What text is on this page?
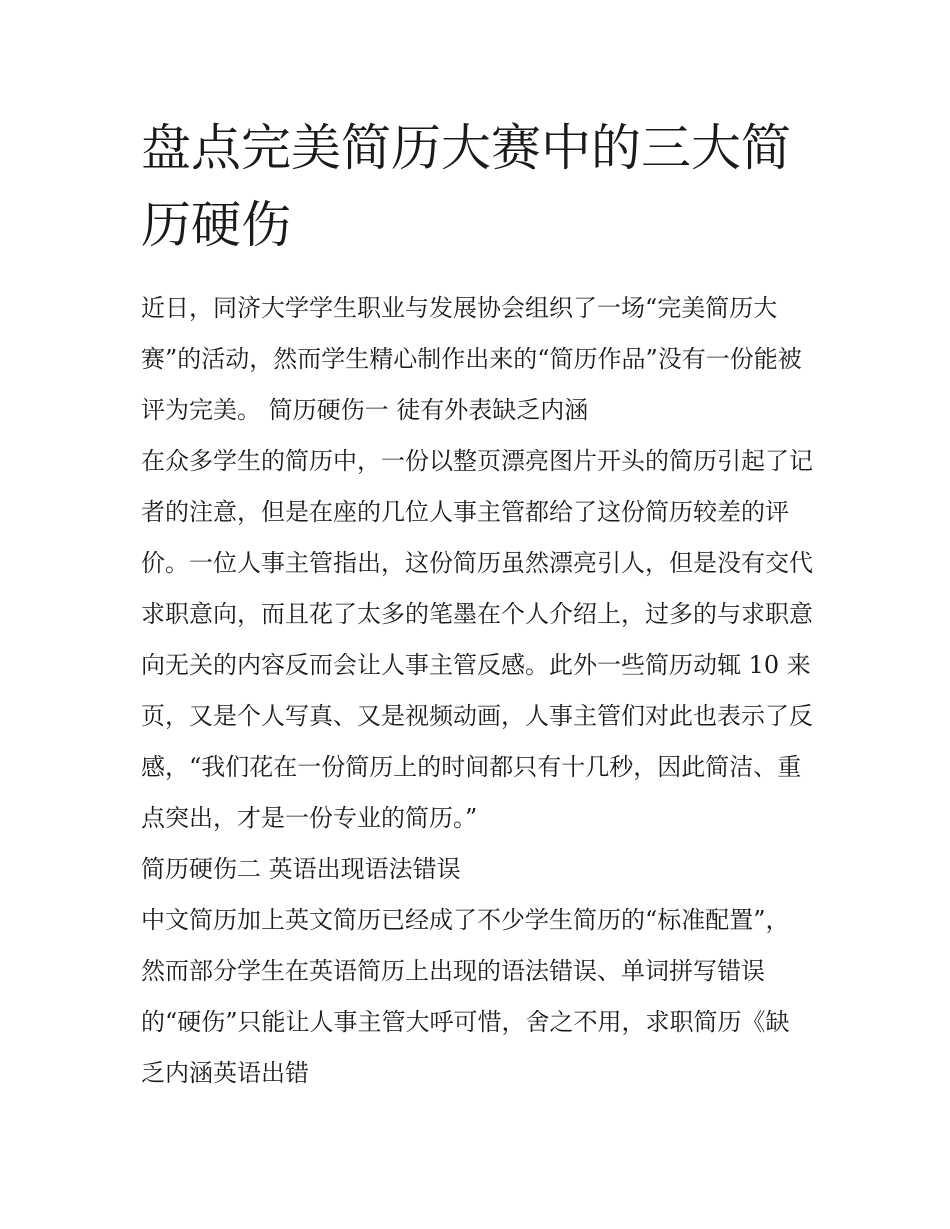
盘点完美简历大赛中的三大简历硬伤

近日，同济大学学生职业与发展协会组织了一场“完美简历大赛”的活动，然而学生精心制作出来的“简历作品”没有一份能被评为完美。 简历硬伤一 徒有外表缺乏内涵

在众多学生的简历中，一份以整页漂亮图片开头的简历引起了记者的注意，但是在座的几位人事主管都给了这份简历较差的评价。一位人事主管指出，这份简历虽然漂亮引人，但是没有交代求职意向，而且花了太多的笔墨在个人介绍上，过多的与求职意向无关的内容反而会让人事主管反感。此外一些简历动辄 10 来页，又是个人写真、又是视频动画，人事主管们对此也表示了反感，“我们花在一份简历上的时间都只有十几秒，因此简洁、重点突出，才是一份专业的简历。”

简历硬伤二 英语出现语法错误

中文简历加上英文简历已经成了不少学生简历的“标准配置”，然而部分学生在英语简历上出现的语法错误、单词拼写错误的“硬伤”只能让人事主管大呼可惜，舍之不用，求职简历《缺乏内涵英语出错
